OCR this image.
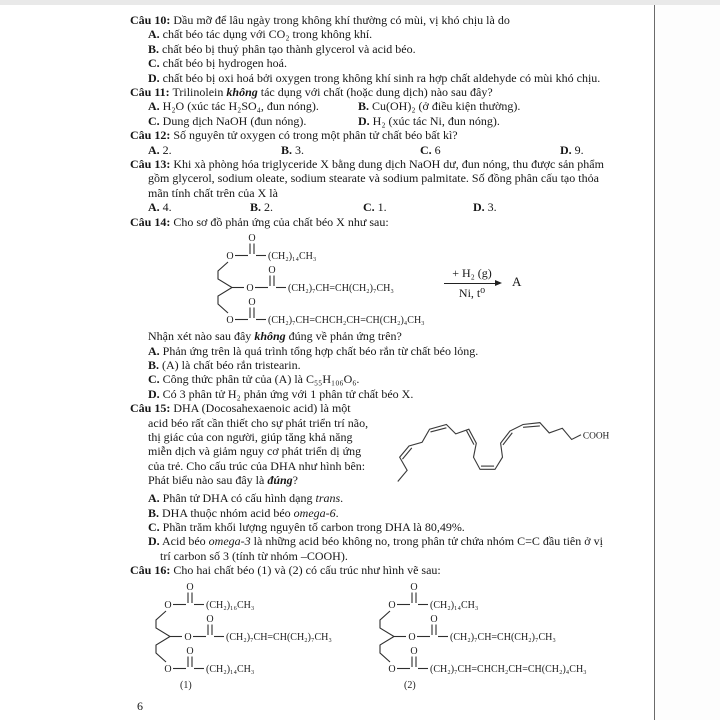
Câu 10: Dầu mỡ để lâu ngày trong không khí thường có mùi, vị khó chịu là do

A. chất béo tác dụng với CO₂ trong không khí.

B. chất béo bị thuỷ phân tạo thành glycerol và acid béo.

C. chất béo bị hydrogen hoá.

D. chất béo bị oxi hoá bởi oxygen trong không khí sinh ra hợp chất aldehyde có mùi khó chịu.

Câu 11: Trilinolein không tác dụng với chất (hoặc dung dịch) nào sau đây?

A. H₂O (xúc tác H₂SO₄, đun nóng).	B. Cu(OH)₂ (ở điều kiện thường).

C. Dung dịch NaOH (đun nóng).	D. H₂ (xúc tác Ni, đun nóng).

Câu 12: Số nguyên tử oxygen có trong một phân tử chất béo bất kì?

A. 2.	B. 3.	C. 6	D. 9.

Câu 13: Khi xà phòng hóa triglyceride X bằng dung dịch NaOH dư, đun nóng, thu được sản phẩm gồm glycerol, sodium oleate, sodium stearate và sodium palmitate. Số đồng phân cấu tạo thỏa mãn tính chất trên của X là

A. 4.	B. 2.	C. 1.	D. 3.

Câu 14: Cho sơ đồ phản ứng của chất béo X như sau:

O
O	(CH₂)₁₄CH₃
O
O	(CH₂)₇CH=CH(CH₂)₇CH₃
O
O	(CH₂)₇CH=CHCH₂CH=CH(CH₂)₄CH₃
+ H₂ (g)
Ni, t⁰
A

Nhận xét nào sau đây không đúng về phản ứng trên?

A. Phản ứng trên là quá trình tổng hợp chất béo rắn từ chất béo lỏng.

B. (A) là chất béo rắn tristearin.

C. Công thức phân tử của (A) là C₅₅H₁₀₆O₆.

D. Có 3 phân tử H₂ phản ứng với 1 phân tử chất béo X.

COOH

Câu 15: DHA (Docosahexaenoic acid) là một acid béo rất cần thiết cho sự phát triển trí não, thị giác của con người, giúp tăng khả năng miễn dịch và giảm nguy cơ phát triển dị ứng của trẻ. Cho cấu trúc của DHA như hình bên:

Phát biểu nào sau đây là đúng?

A. Phân tử DHA có cấu hình dạng trans.

B. DHA thuộc nhóm acid béo omega-6.

C. Phần trăm khối lượng nguyên tố carbon trong DHA là 80,49%.

D. Acid béo omega-3 là những acid béo không no, trong phân tử chứa nhóm C=C đầu tiên ở vị trí carbon số 3 (tính từ nhóm –COOH).

Câu 16: Cho hai chất béo (1) và (2) có cấu trúc như hình vẽ sau:

O
O	(CH₂)₁₆CH₃
O
O	(CH₂)₇CH=CH(CH₂)₇CH₃
O
O	(CH₂)₁₄CH₃
(1)
O
O	(CH₂)₁₄CH₃
O
O	(CH₂)₇CH=CH(CH₂)₇CH₃
O
O	(CH₂)₇CH=CHCH₂CH=CH(CH₂)₄CH₃
(2)
6
